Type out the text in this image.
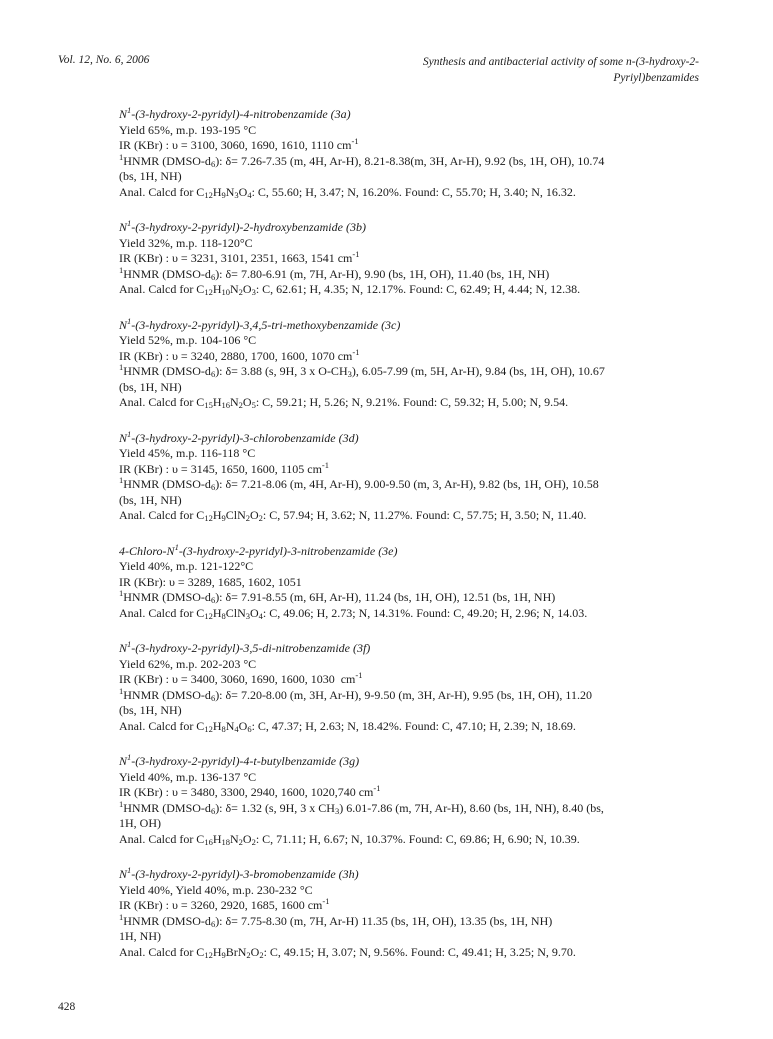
Vol. 12, No. 6, 2006	Synthesis and antibacterial activity of some n-(3-hydroxy-2-
Pyriyl)benzamides
$N^1-(3-hydroxy-2-pyridyl)-4$-nitrobenzamide (3a)
Yield 65%, m.p. 193-195 °C
IR (KBr) : υ = 3100, 3060, 1690, 1610, 1110 $cm^{-1}$
$^1$HNMR $(DMSO-d_6)$: δ= 7.26-7.35 (m, 4H, Ar-H), 8.21-8.38(m, 3H, Ar-H), 9.92 (bs, 1H, OH), 10.74
(bs, 1H, NH)
Anal. Calcd for $C_{12}H_9N_3O_4$: C, 55.60; H, 3.47; N, 16.20%. Found: C, 55.70; H, 3.40; N, 16.32.
$N^1-(3-hydroxy-2-pyridyl)-2$-hydroxybenzamide (3b)
Yield 32%, m.p. 118-120°C
IR (KBr) : υ = 3231, 3101, 2351, 1663, 1541 $cm^{-1}$
$^1$HNMR $(DMSO-d_6)$: δ= 7.80-6.91 (m, 7H, Ar-H), 9.90 (bs, 1H, OH), 11.40 (bs, 1H, NH)
Anal. Calcd for $C_{12}H_{10}N_2O_3$: C, 62.61; H, 4.35; N, 12.17%. Found: C, 62.49; H, 4.44; N, 12.38.
$N^1-(3-hydroxy-2-pyridyl)-3,4,5-tri$-methoxybenzamide (3c)
Yield 52%, m.p. 104-106 °C
IR (KBr) : υ = 3240, 2880, 1700, 1600, 1070 $cm^{-1}$
$^1$HNMR $(DMSO-d_6)$: δ= 3.88 (s, 9H, 3 x $O-CH_3$), 6.05-7.99 (m, 5H, Ar-H), 9.84 (bs, 1H, OH), 10.67
(bs, 1H, NH)
Anal. Calcd for $C_{15}H_{16}N_2O_5$: C, 59.21; H, 5.26; N, 9.21%. Found: C, 59.32; H, 5.00; N, 9.54.
$N^1-(3-hydroxy-2-pyridyl)-3$-chlorobenzamide (3d)
Yield 45%, m.p. 116-118 °C
IR (KBr) : υ = 3145, 1650, 1600, 1105 $cm^{-1}$
$^1$HNMR $(DMSO-d_6)$: δ= 7.21-8.06 (m, 4H, Ar-H), 9.00-9.50 (m, 3, Ar-H), 9.82 (bs, 1H, OH), 10.58
(bs, 1H, NH)
Anal. Calcd for $C_{12}H_9ClN_2O_2$: C, 57.94; H, 3.62; N, 11.27%. Found: C, 57.75; H, 3.50; N, 11.40.
$4-Chloro-N^1-(3-hydroxy-2-pyridyl)-3$-nitrobenzamide (3e)
Yield 40%, m.p. 121-122°C
IR (KBr): υ = 3289, 1685, 1602, 1051
$^1$HNMR $(DMSO-d_6)$: δ= 7.91-8.55 (m, 6H, Ar-H), 11.24 (bs, 1H, OH), 12.51 (bs, 1H, NH)
Anal. Calcd for $C_{12}H_8ClN_3O_4$: C, 49.06; H, 2.73; N, 14.31%. Found: C, 49.20; H, 2.96; N, 14.03.
$N^1-(3-hydroxy-2-pyridyl)-3,5-di$-nitrobenzamide (3f)
Yield 62%, m.p. 202-203 °C
IR (KBr) : υ = 3400, 3060, 1690, 1600, 1030  $cm^{-1}$
$^1$HNMR $(DMSO-d_6)$: δ= 7.20-8.00 (m, 3H, Ar-H), 9-9.50 (m, 3H, Ar-H), 9.95 (bs, 1H, OH), 11.20
(bs, 1H, NH)
Anal. Calcd for $C_{12}H_8N_4O_6$: C, 47.37; H, 2.63; N, 18.42%. Found: C, 47.10; H, 2.39; N, 18.69.
$N^1-(3-hydroxy-2-pyridyl)-4-t$-butylbenzamide (3g)
Yield 40%, m.p. 136-137 °C
IR (KBr) : υ = 3480, 3300, 2940, 1600, 1020,740 $cm^{-1}$
$^1$HNMR $(DMSO-d_6)$: δ= 1.32 (s, 9H, 3 x $CH_3$) 6.01-7.86 (m, 7H, Ar-H), 8.60 (bs, 1H, NH), 8.40 (bs,
1H, OH)
Anal. Calcd for $C_{16}H_{18}N_2O_2$: C, 71.11; H, 6.67; N, 10.37%. Found: C, 69.86; H, 6.90; N, 10.39.
$N^1-(3-hydroxy-2-pyridyl)-3$-bromobenzamide (3h)
Yield 40%, Yield 40%, m.p. 230-232 °C
IR (KBr) : υ = 3260, 2920, 1685, 1600 $cm^{-1}$
$^1$HNMR $(DMSO-d_6)$: δ= 7.75-8.30 (m, 7H, Ar-H) 11.35 (bs, 1H, OH), 13.35 (bs, 1H, NH)
1H, NH)
Anal. Calcd for $C_{12}H_9BrN_2O_2$: C, 49.15; H, 3.07; N, 9.56%. Found: C, 49.41; H, 3.25; N, 9.70.
428
